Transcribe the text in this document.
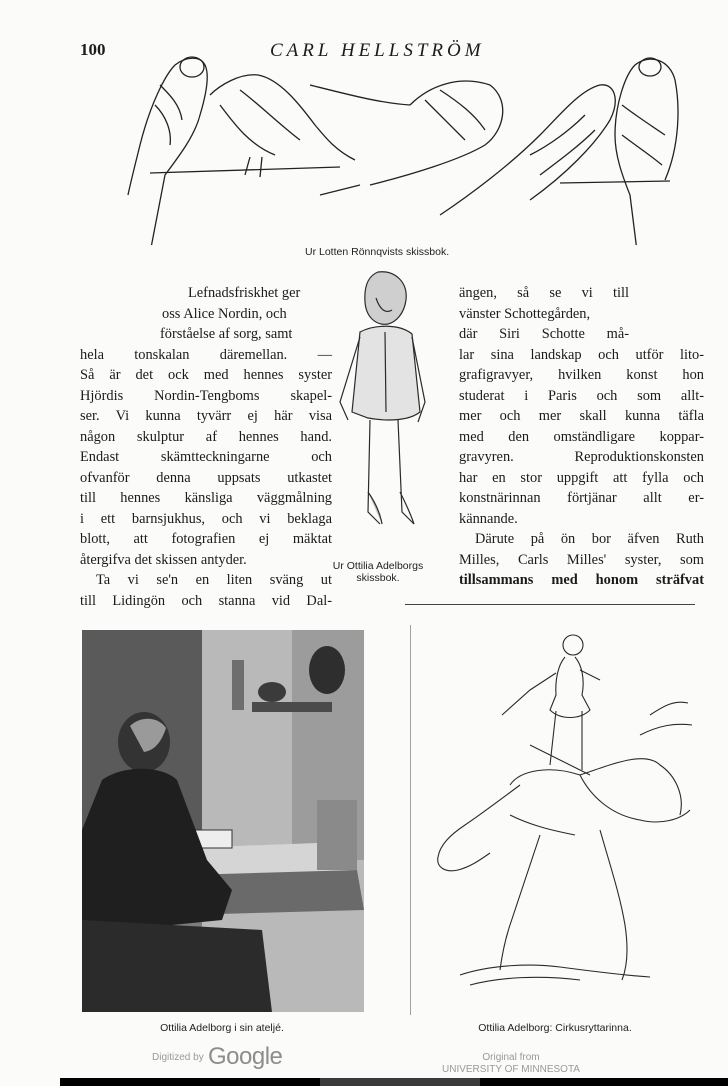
100	CARL HELLSTRÖM
Ur Lotten Rönnqvists skissbok.
Ur Ottilia Adelborgs
skissbok.

Lefnadsfriskhet ger

oss Alice Nordin, och

förståelse af sorg, samt

hela tonskalan däremellan. —

Så är det ock med hennes syster

Hjördis Nordin-Tengboms skapel-

ser. Vi kunna tyvärr ej här visa

någon skulptur af hennes hand.

Endast skämtteckningarne och

ofvanför denna uppsats utkastet

till hennes känsliga väggmålning

i ett barnsjukhus, och vi beklaga

blott, att fotografien ej mäktat

återgifva det skissen antyder.

Ta vi se'n en liten sväng ut

till Lidingön och stanna vid Dal-

ängen, så se vi till

vänster Schottegården,

där Siri Schotte må-

lar sina landskap och utför lito-

grafigravyer, hvilken konst hon

studerat i Paris och som allt-

mer och mer skall kunna täfla

med den omständligare koppar-

gravyren. Reproduktionskonsten

har en stor uppgift att fylla och

konstnärinnan förtjänar allt er-

kännande.

Därute på ön bor äfven Ruth

Milles, Carls Milles' syster, som

tillsammans med honom sträfvat

Ottilia Adelborg i sin ateljé.	Ottilia Adelborg: Cirkusryttarinna.
Digitized by Google	Original from
UNIVERSITY OF MINNESOTA
